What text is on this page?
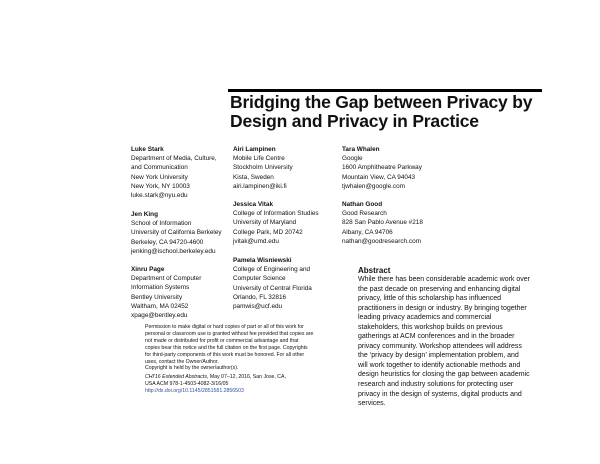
Bridging the Gap between Privacy by
Design and Privacy in Practice
Luke Stark
Department of Media, Culture,
and Communication
New York University
New York, NY 10003
luke.stark@nyu.edu
Jen King
School of Information
University of California Berkeley
Berkeley, CA 94720-4600
jenking@ischool.berkeley.edu
Xinru Page
Department of Computer
Information Systems
Bentley University
Waltham, MA 02452
xpage@bentley.edu
Airi Lampinen
Mobile Life Centre
Stockholm University
Kista, Sweden
airi.lampinen@iki.fi
Jessica Vitak
College of Information Studies
University of Maryland
College Park, MD 20742
jvitak@umd.edu
Pamela Wisniewski
College of Engineering and
Computer Science
University of Central Florida
Orlando, FL 32816
pamwis@ucf.edu
Tara Whalen
Google
1600 Amphitheatre Parkway
Mountain View, CA 94043
tjwhalen@google.com
Nathan Good
Good Research
828 San Pablo Avenue #218
Albany, CA 94706
nathan@goodresearch.com
Permission to make digital or hard copies of part or all of this work for
personal or classroom use is granted without fee provided that copies are
not made or distributed for profit or commercial advantage and that
copies bear this notice and the full citation on the first page. Copyrights
for third-party components of this work must be honored. For all other
uses, contact the Owner/Author.
Copyright is held by the owner/author(s).
CHI'16 Extended Abstracts, May 07–12, 2016, San Jose, CA,
USA ACM 978-1-4503-4082-3/16/05
http://dx.doi.org/10.1145/2851581.2856503
Abstract
While there has been considerable academic work over
the past decade on preserving and enhancing digital
privacy, little of this scholarship has influenced
practitioners in design or industry. By bringing together
leading privacy academics and commercial
stakeholders, this workshop builds on previous
gatherings at ACM conferences and in the broader
privacy community. Workshop attendees will address
the ‘privacy by design’ implementation problem, and
will work together to identify actionable methods and
design heuristics for closing the gap between academic
research and industry solutions for protecting user
privacy in the design of systems, digital products and
services.
